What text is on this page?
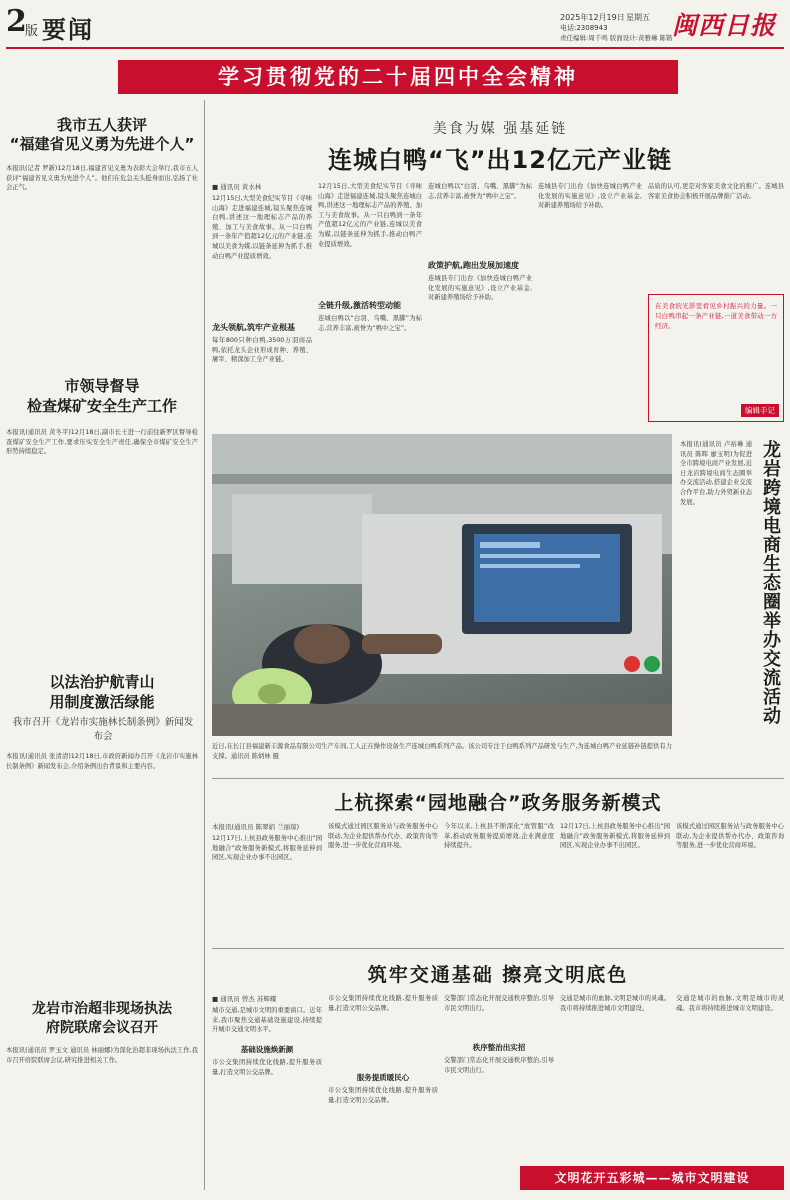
2
版 要闻	2025年12月19日 星期五
电话:2308943
责任编辑:周千鸣 版面设计:黄雅琳 陈锴 闽西日报
学习贯彻党的二十届四中全会精神
我市五人获评
“福建省见义勇为先进个人”
本报讯(记者 罗新)12月18日,福建省见义勇为表彰大会举行,我市五人获评“福建省见义勇为先进个人”。他们在危急关头挺身而出,弘扬了社会正气。
市领导督导
检查煤矿安全生产工作
本报讯(通讯员 黄冬平)12月18日,副市长王进一行前往新罗区督导检查煤矿安全生产工作,要求压实安全生产责任,确保全市煤矿安全生产形势持续稳定。
以法治护航青山
用制度激活绿能
我市召开《龙岩市实施林长制条例》新闻发布会
本报讯(通讯员 张清清)12月18日,市政府新闻办召开《龙岩市实施林长制条例》新闻发布会,介绍条例出台背景和主要内容。
龙岩市治超非现场执法
府院联席会议召开
本报讯(通讯员 罗玉文 通讯员 林丽娜)为深化治超非现场执法工作,我市召开府院联席会议,研究推进相关工作。
美食为媒 强基延链
连城白鸭“飞”出12亿元产业链
■ 通讯员 黄水林
12月15日,大型美食纪实节目《寻味山海》走进福建连城,镜头聚焦连城白鸭,讲述这一地理标志产品的养殖、加工与美食故事。从一只白鸭到一条年产值超12亿元的产业链,连城以美食为媒,以链条延伸为抓手,推动白鸭产业提质增效。
龙头领航,筑牢产业根基
每年800只种白鸭,3500万羽商品鸭,依托龙头企业形成育种、养殖、屠宰、精深加工全产业链。
12月15日,大型美食纪实节目《寻味山海》走进福建连城,镜头聚焦连城白鸭,讲述这一地理标志产品的养殖、加工与美食故事。从一只白鸭到一条年产值超12亿元的产业链,连城以美食为媒,以链条延伸为抓手,推动白鸭产业提质增效。
全链升级,激活转型动能
连城白鸭以“白羽、乌嘴、黑脚”为标志,营养丰富,被誉为“鸭中之宝”。
连城白鸭以“白羽、乌嘴、黑脚”为标志,营养丰富,被誉为“鸭中之宝”。
政策护航,跑出发展加速度
连城县专门出台《加快连城白鸭产业化发展的实施意见》,设立产业基金,对新建养殖场给予补助。
连城县专门出台《加快连城白鸭产业化发展的实施意见》,设立产业基金,对新建养殖场给予补助。
品质的认可,更是对客家美食文化的推广。连城县客家美食协会积极开展品牌推广活动。
在美食的光影里看见乡村振兴的力量。一只白鸭串起一条产业链,一道美食带动一方经济。
编辑手记
近日,在长汀县福建新丰源食品有限公司生产车间,工人正在操作设备生产连城白鸭系列产品。该公司专注于白鸭系列产品研发与生产,为连城白鸭产业延链补链提供有力支撑。通讯员 陈炳林 摄
龙岩跨境电商生态圈举办交流活动
本报讯(通讯员 卢裕琳 通讯员 陈晖 廖玉明)为促进全市跨境电商产业发展,近日龙岩跨境电商生态圈举办交流活动,搭建企业交流合作平台,助力外贸新业态发展。
上杭探索“园地融合”政务服务新模式
本报讯(通讯员 陈翠娟 兰丽琼)
12月17日,上杭县政务服务中心推出“园地融合”政务服务新模式,将服务延伸到园区,实现企业办事不出园区。
该模式通过园区服务站与政务服务中心联动,为企业提供帮办代办、政策咨询等服务,进一步优化营商环境。
今年以来,上杭县不断深化“放管服”改革,推动政务服务提质增效,企业满意度持续提升。
12月17日,上杭县政务服务中心推出“园地融合”政务服务新模式,将服务延伸到园区,实现企业办事不出园区。
该模式通过园区服务站与政务服务中心联动,为企业提供帮办代办、政策咨询等服务,进一步优化营商环境。
筑牢交通基础 擦亮文明底色
■ 通讯员 曾杰 苏辉耀
城市交通,是城市文明的重要窗口。近年来,我市聚焦交通基础设施建设,持续提升城市交通文明水平。
基础设施焕新颜
市公交集团持续优化线路,提升服务质量,打造文明公交品牌。
市公交集团持续优化线路,提升服务质量,打造文明公交品牌。
服务提质暖民心
市公交集团持续优化线路,提升服务质量,打造文明公交品牌。
交警部门常态化开展交通秩序整治,引导市民文明出行。
秩序整治出实招
交警部门常态化开展交通秩序整治,引导市民文明出行。
交通是城市的血脉,文明是城市的灵魂。我市将持续推进城市文明建设。
交通是城市的血脉,文明是城市的灵魂。我市将持续推进城市文明建设。
文明花开五彩城——城市文明建设
